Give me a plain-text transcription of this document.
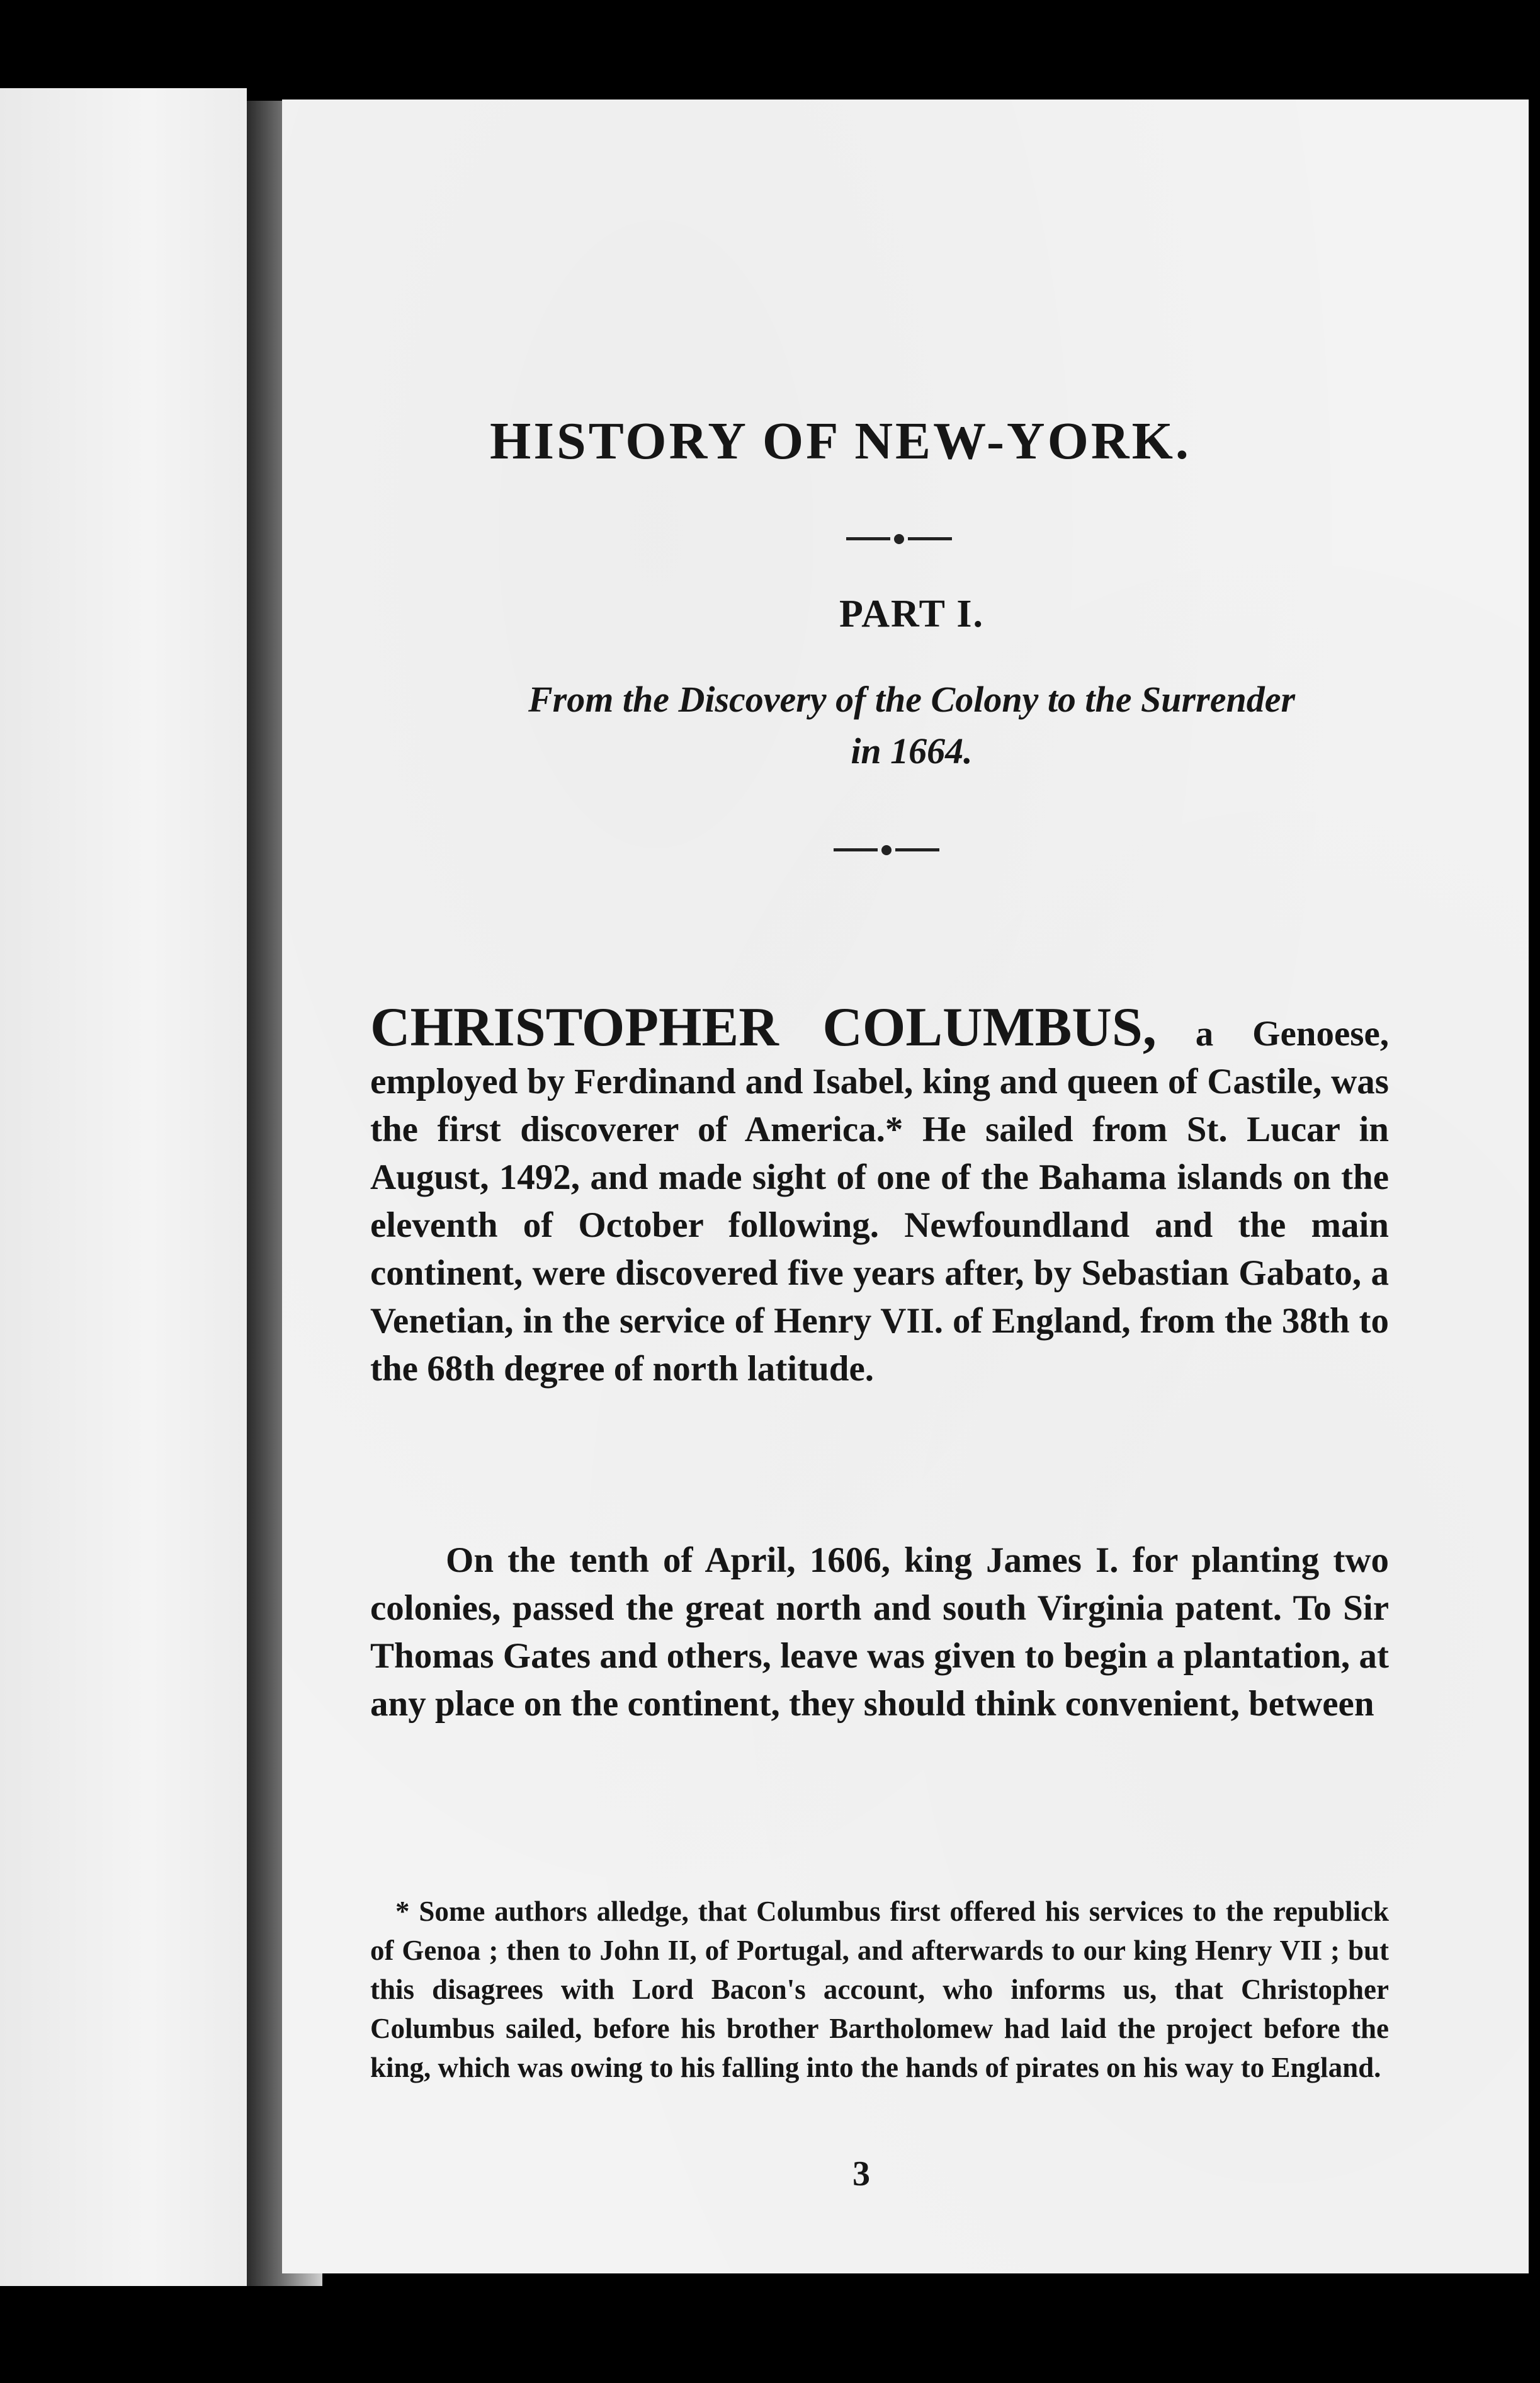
HISTORY OF NEW-YORK.
PART I.

From the Discovery of the Colony to the Surrender
in 1664.

CHRISTOPHER COLUMBUS, a Genoese, employed by Ferdinand and Isabel, king and queen of Castile, was the first discoverer of America.* He sailed from St. Lucar in August, 1492, and made sight of one of the Bahama islands on the eleventh of October following. Newfoundland and the main continent, were discovered five years after, by Sebastian Gabato, a Venetian, in the service of Henry VII. of England, from the 38th to the 68th degree of north latitude.

On the tenth of April, 1606, king James I. for planting two colonies, passed the great north and south Virginia patent. To Sir Thomas Gates and others, leave was given to begin a plantation, at any place on the continent, they should think convenient, between

* Some authors alledge, that Columbus first offered his services to the republick of Genoa ; then to John II, of Portugal, and afterwards to our king Henry VII ; but this disagrees with Lord Bacon's account, who informs us, that Christopher Columbus sailed, before his brother Bartholomew had laid the project before the king, which was owing to his falling into the hands of pirates on his way to England.

3
